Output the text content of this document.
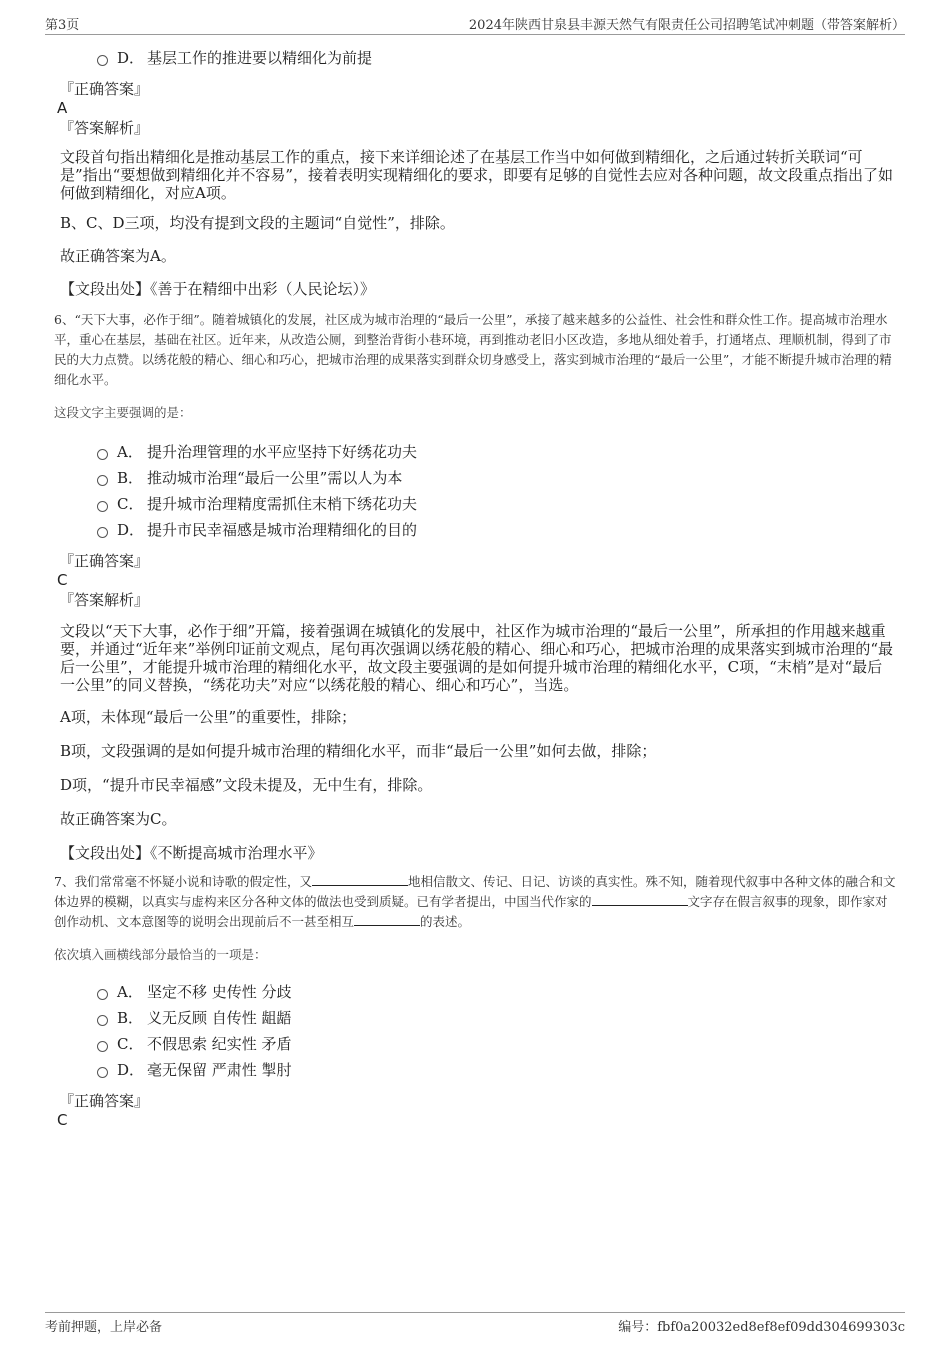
第3页	2024年陕西甘泉县丰源天然气有限责任公司招聘笔试冲刺题（带答案解析）
D． 基层工作的推进要以精细化为前提
『正确答案』
A
『答案解析』
文段首句指出精细化是推动基层工作的重点，接下来详细论述了在基层工作当中如何做到精细化，之后通过转折关联词“可是”指出“要想做到精细化并不容易”，接着表明实现精细化的要求，即要有足够的自觉性去应对各种问题，故文段重点指出了如何做到精细化，对应A项。
B、C、D三项，均没有提到文段的主题词“自觉性”，排除。
故正确答案为A。
【文段出处】《善于在精细中出彩（人民论坛）》
6、“天下大事，必作于细”。随着城镇化的发展，社区成为城市治理的“最后一公里”，承接了越来越多的公益性、社会性和群众性工作。提高城市治理水平，重心在基层，基础在社区。近年来，从改造公厕，到整治背街小巷环境，再到推动老旧小区改造，多地从细处着手，打通堵点、理顺机制，得到了市民的大力点赞。以绣花般的精心、细心和巧心，把城市治理的成果落实到群众切身感受上，落实到城市治理的“最后一公里”，才能不断提升城市治理的精细化水平。
这段文字主要强调的是：
A． 提升治理管理的水平应坚持下好绣花功夫
B． 推动城市治理“最后一公里”需以人为本
C． 提升城市治理精度需抓住末梢下绣花功夫
D． 提升市民幸福感是城市治理精细化的目的
『正确答案』
C
『答案解析』
文段以“天下大事，必作于细”开篇，接着强调在城镇化的发展中，社区作为城市治理的“最后一公里”，所承担的作用越来越重要，并通过“近年来”举例印证前文观点，尾句再次强调以绣花般的精心、细心和巧心，把城市治理的成果落实到城市治理的“最后一公里”，才能提升城市治理的精细化水平，故文段主要强调的是如何提升城市治理的精细化水平，C项，“末梢”是对“最后一公里”的同义替换，“绣花功夫”对应“以绣花般的精心、细心和巧心”，当选。
A项，未体现“最后一公里”的重要性，排除；
B项，文段强调的是如何提升城市治理的精细化水平，而非“最后一公里”如何去做，排除；
D项，“提升市民幸福感”文段未提及，无中生有，排除。
故正确答案为C。
【文段出处】《不断提高城市治理水平》
7、我们常常毫不怀疑小说和诗歌的假定性，又	地相信散文、传记、日记、访谈的真实性。殊不知，随着现代叙事中各种文体的融合和文体边界的模糊，以真实与虚构来区分各种文体的做法也受到质疑。已有学者提出，中国当代作家的	文字存在假言叙事的现象，即作家对创作动机、文本意图等的说明会出现前后不一甚至相互	的表述。
依次填入画横线部分最恰当的一项是：
A． 坚定不移 史传性 分歧
B． 义无反顾 自传性 龃龉
C． 不假思索 纪实性 矛盾
D． 毫无保留 严肃性 掣肘
『正确答案』
C
考前押题，上岸必备	编号：fbf0a20032ed8ef8ef09dd304699303c
